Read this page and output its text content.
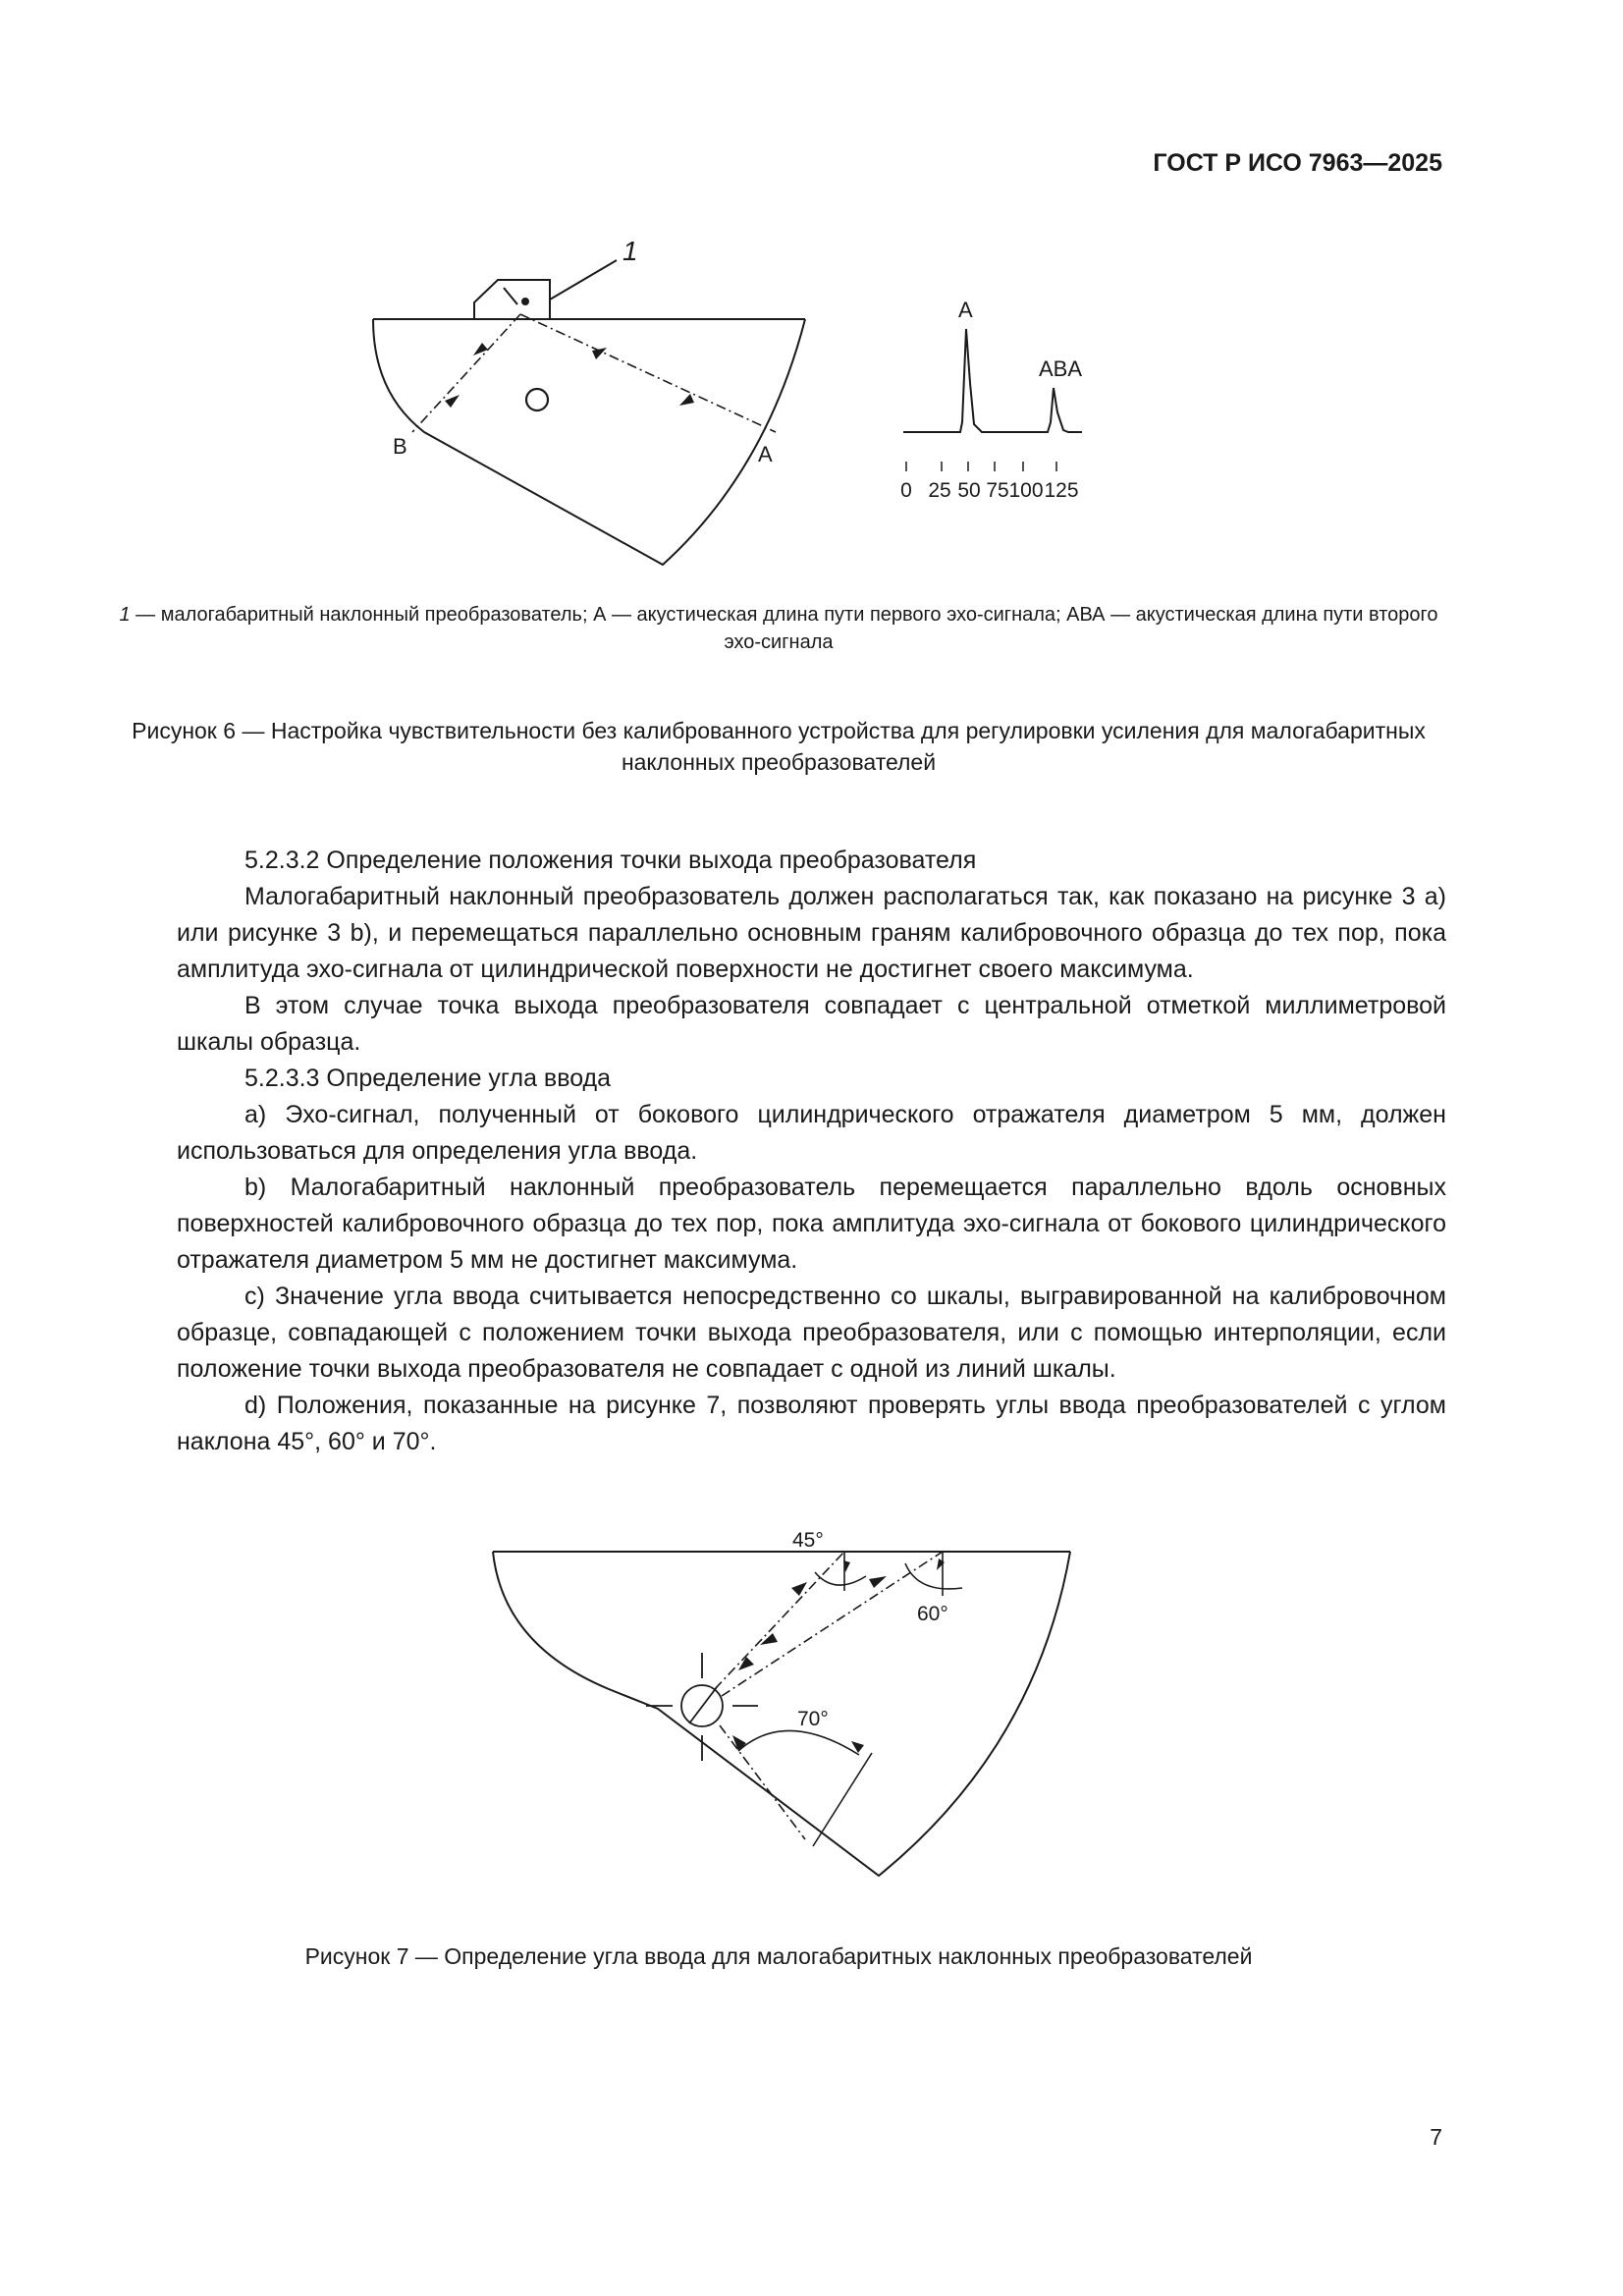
ГОСТ Р ИСО 7963—2025
1
B	A
A
ABA
0 25 50 75 100 125
1 — малогабаритный наклонный преобразователь; А — акустическая длина пути первого эхо-сигнала; АВА — акустическая длина пути второго эхо-сигнала
Рисунок 6 — Настройка чувствительности без калиброванного устройства для регулировки усиления для малогабаритных наклонных преобразователей

5.2.3.2 Определение положения точки выхода преобразователя

Малогабаритный наклонный преобразователь должен располагаться так, как показано на рисунке 3 а) или рисунке 3 b), и перемещаться параллельно основным граням калибровочного образца до тех пор, пока амплитуда эхо-сигнала от цилиндрической поверхности не достигнет своего максимума.

В этом случае точка выхода преобразователя совпадает с центральной отметкой миллиметровой шкалы образца.

5.2.3.3 Определение угла ввода

a) Эхо-сигнал, полученный от бокового цилиндрического отражателя диаметром 5 мм, должен использоваться для определения угла ввода.

b) Малогабаритный наклонный преобразователь перемещается параллельно вдоль основных поверхностей калибровочного образца до тех пор, пока амплитуда эхо-сигнала от бокового цилиндрического отражателя диаметром 5 мм не достигнет максимума.

c) Значение угла ввода считывается непосредственно со шкалы, выгравированной на калибровочном образце, совпадающей с положением точки выхода преобразователя, или с помощью интерполяции, если положение точки выхода преобразователя не совпадает с одной из линий шкалы.

d) Положения, показанные на рисунке 7, позволяют проверять углы ввода преобразователей с углом наклона 45°, 60° и 70°.

45°
60°
70°
Рисунок 7 — Определение угла ввода для малогабаритных наклонных преобразователей
7
